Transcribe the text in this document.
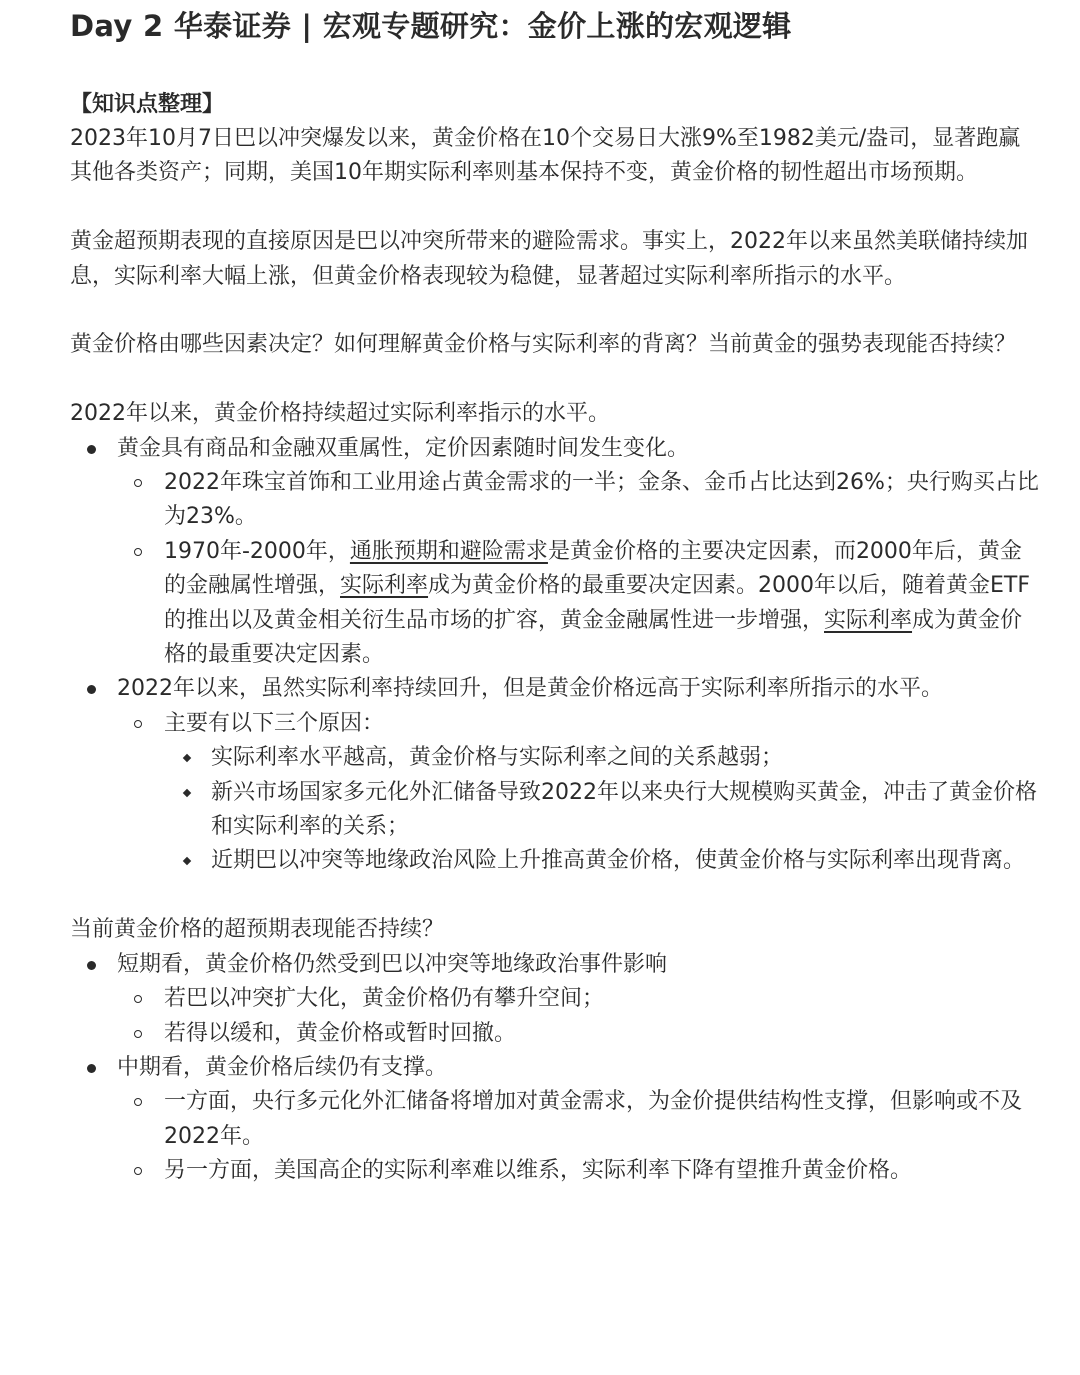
Day 2 华泰证券 | 宏观专题研究：金价上涨的宏观逻辑
【知识点整理】

2023年10月7日巴以冲突爆发以来，黄金价格在10个交易日大涨9%至1982美元/盎司，显著跑赢其他各类资产；同期，美国10年期实际利率则基本保持不变，黄金价格的韧性超出市场预期。

黄金超预期表现的直接原因是巴以冲突所带来的避险需求。事实上，2022年以来虽然美联储持续加息，实际利率大幅上涨，但黄金价格表现较为稳健，显著超过实际利率所指示的水平。

黄金价格由哪些因素决定？如何理解黄金价格与实际利率的背离？当前黄金的强势表现能否持续？

2022年以来，黄金价格持续超过实际利率指示的水平。

黄金具有商品和金融双重属性，定价因素随时间发生变化。
2022年珠宝首饰和工业用途占黄金需求的一半；金条、金币占比达到26%；央行购买占比为23%。
1970年-2000年，通胀预期和避险需求是黄金价格的主要决定因素，而2000年后，黄金的金融属性增强，实际利率成为黄金价格的最重要决定因素。2000年以后，随着黄金ETF的推出以及黄金相关衍生品市场的扩容，黄金金融属性进一步增强，实际利率成为黄金价格的最重要决定因素。
2022年以来，虽然实际利率持续回升，但是黄金价格远高于实际利率所指示的水平。
主要有以下三个原因：
实际利率水平越高，黄金价格与实际利率之间的关系越弱；
新兴市场国家多元化外汇储备导致2022年以来央行大规模购买黄金，冲击了黄金价格和实际利率的关系；
近期巴以冲突等地缘政治风险上升推高黄金价格，使黄金价格与实际利率出现背离。

当前黄金价格的超预期表现能否持续？

短期看，黄金价格仍然受到巴以冲突等地缘政治事件影响
若巴以冲突扩大化，黄金价格仍有攀升空间；
若得以缓和，黄金价格或暂时回撤。
中期看，黄金价格后续仍有支撑。
一方面，央行多元化外汇储备将增加对黄金需求，为金价提供结构性支撑，但影响或不及2022年。
另一方面，美国高企的实际利率难以维系，实际利率下降有望推升黄金价格。
